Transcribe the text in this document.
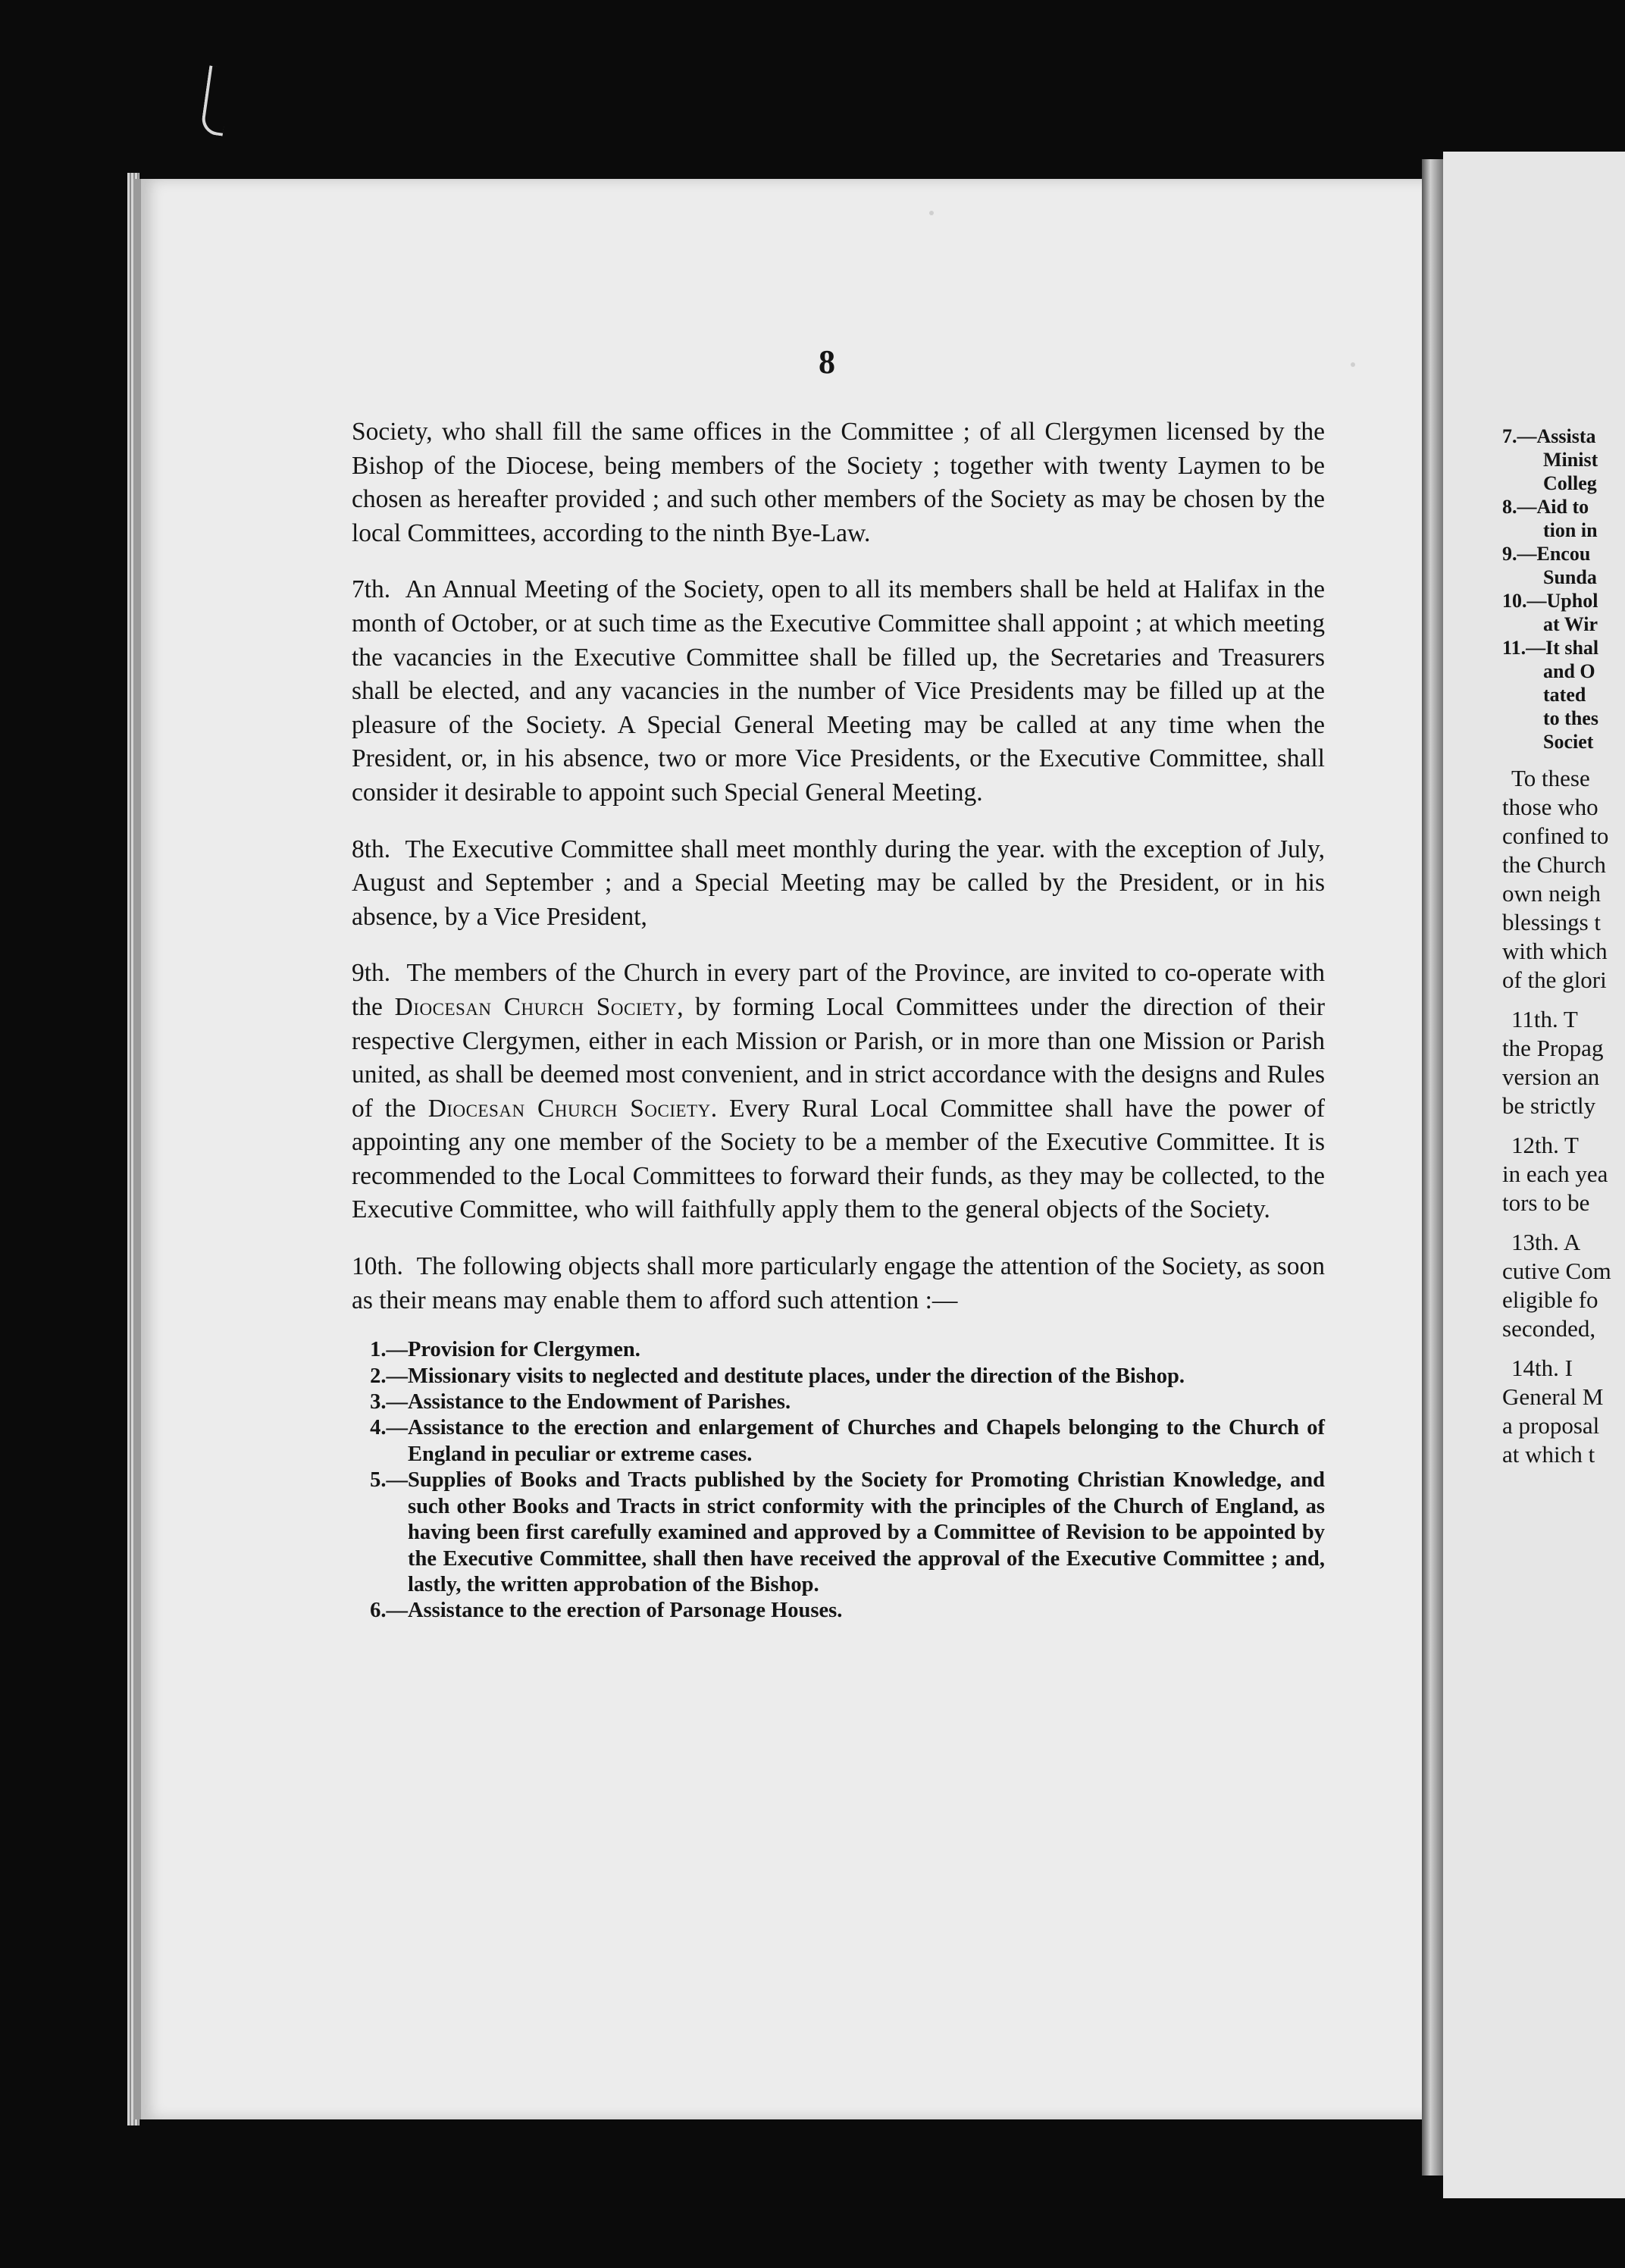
8

Society, who shall fill the same offices in the Committee ; of all Clergymen licensed by the Bishop of the Diocese, being members of the Society ; together with twenty Laymen to be chosen as hereafter provided ; and such other members of the Society as may be chosen by the local Committees, according to the ninth Bye-Law.

7th. An Annual Meeting of the Society, open to all its members shall be held at Halifax in the month of October, or at such time as the Executive Committee shall appoint ; at which meeting the vacancies in the Executive Committee shall be filled up, the Secretaries and Treasurers shall be elected, and any vacancies in the number of Vice Presidents may be filled up at the pleasure of the Society. A Special General Meeting may be called at any time when the President, or, in his absence, two or more Vice Presidents, or the Executive Committee, shall consider it desirable to appoint such Special General Meeting.

8th. The Executive Committee shall meet monthly during the year. with the exception of July, August and September ; and a Special Meeting may be called by the President, or in his absence, by a Vice President,

9th. The members of the Church in every part of the Province, are invited to co-operate with the Diocesan Church Society, by forming Local Committees under the direction of their respective Clergymen, either in each Mission or Parish, or in more than one Mission or Parish united, as shall be deemed most convenient, and in strict accordance with the designs and Rules of the Diocesan Church Society. Every Rural Local Committee shall have the power of appointing any one member of the Society to be a member of the Executive Committee. It is recommended to the Local Committees to forward their funds, as they may be collected, to the Executive Committee, who will faithfully apply them to the general objects of the Society.

10th. The following objects shall more particularly engage the attention of the Society, as soon as their means may enable them to afford such attention :—

1. —	Provision for Clergymen.
2. —	Missionary visits to neglected and destitute places, under the direction of the Bishop.
3. —	Assistance to the Endowment of Parishes.
4. —	Assistance to the erection and enlargement of Churches and Chapels belonging to the Church of England in peculiar or extreme cases.
5. —	Supplies of Books and Tracts published by the Society for Promoting Christian Knowledge, and such other Books and Tracts in strict conformity with the principles of the Church of England, as having been first carefully examined and approved by a Committee of Revision to be appointed by the Executive Committee, shall then have received the approval of the Executive Committee ; and, lastly, the written approbation of the Bishop.
6. —	Assistance to the erection of Parsonage Houses.
7.—Assista
Minist
Colleg
8.—Aid to
tion in
9.—Encou
Sunda
10.—Uphol
at Wir
11.—It shal
and O
tated
to thes
Societ
To these
those who
confined to
the Church
own neigh
blessings t
with which
of the glori
11th. T
the Propag
version an
be strictly
12th. T
in each yea
tors to be
13th. A
cutive Com
eligible fo
seconded,
14th. I
General M
a proposal
at which t
